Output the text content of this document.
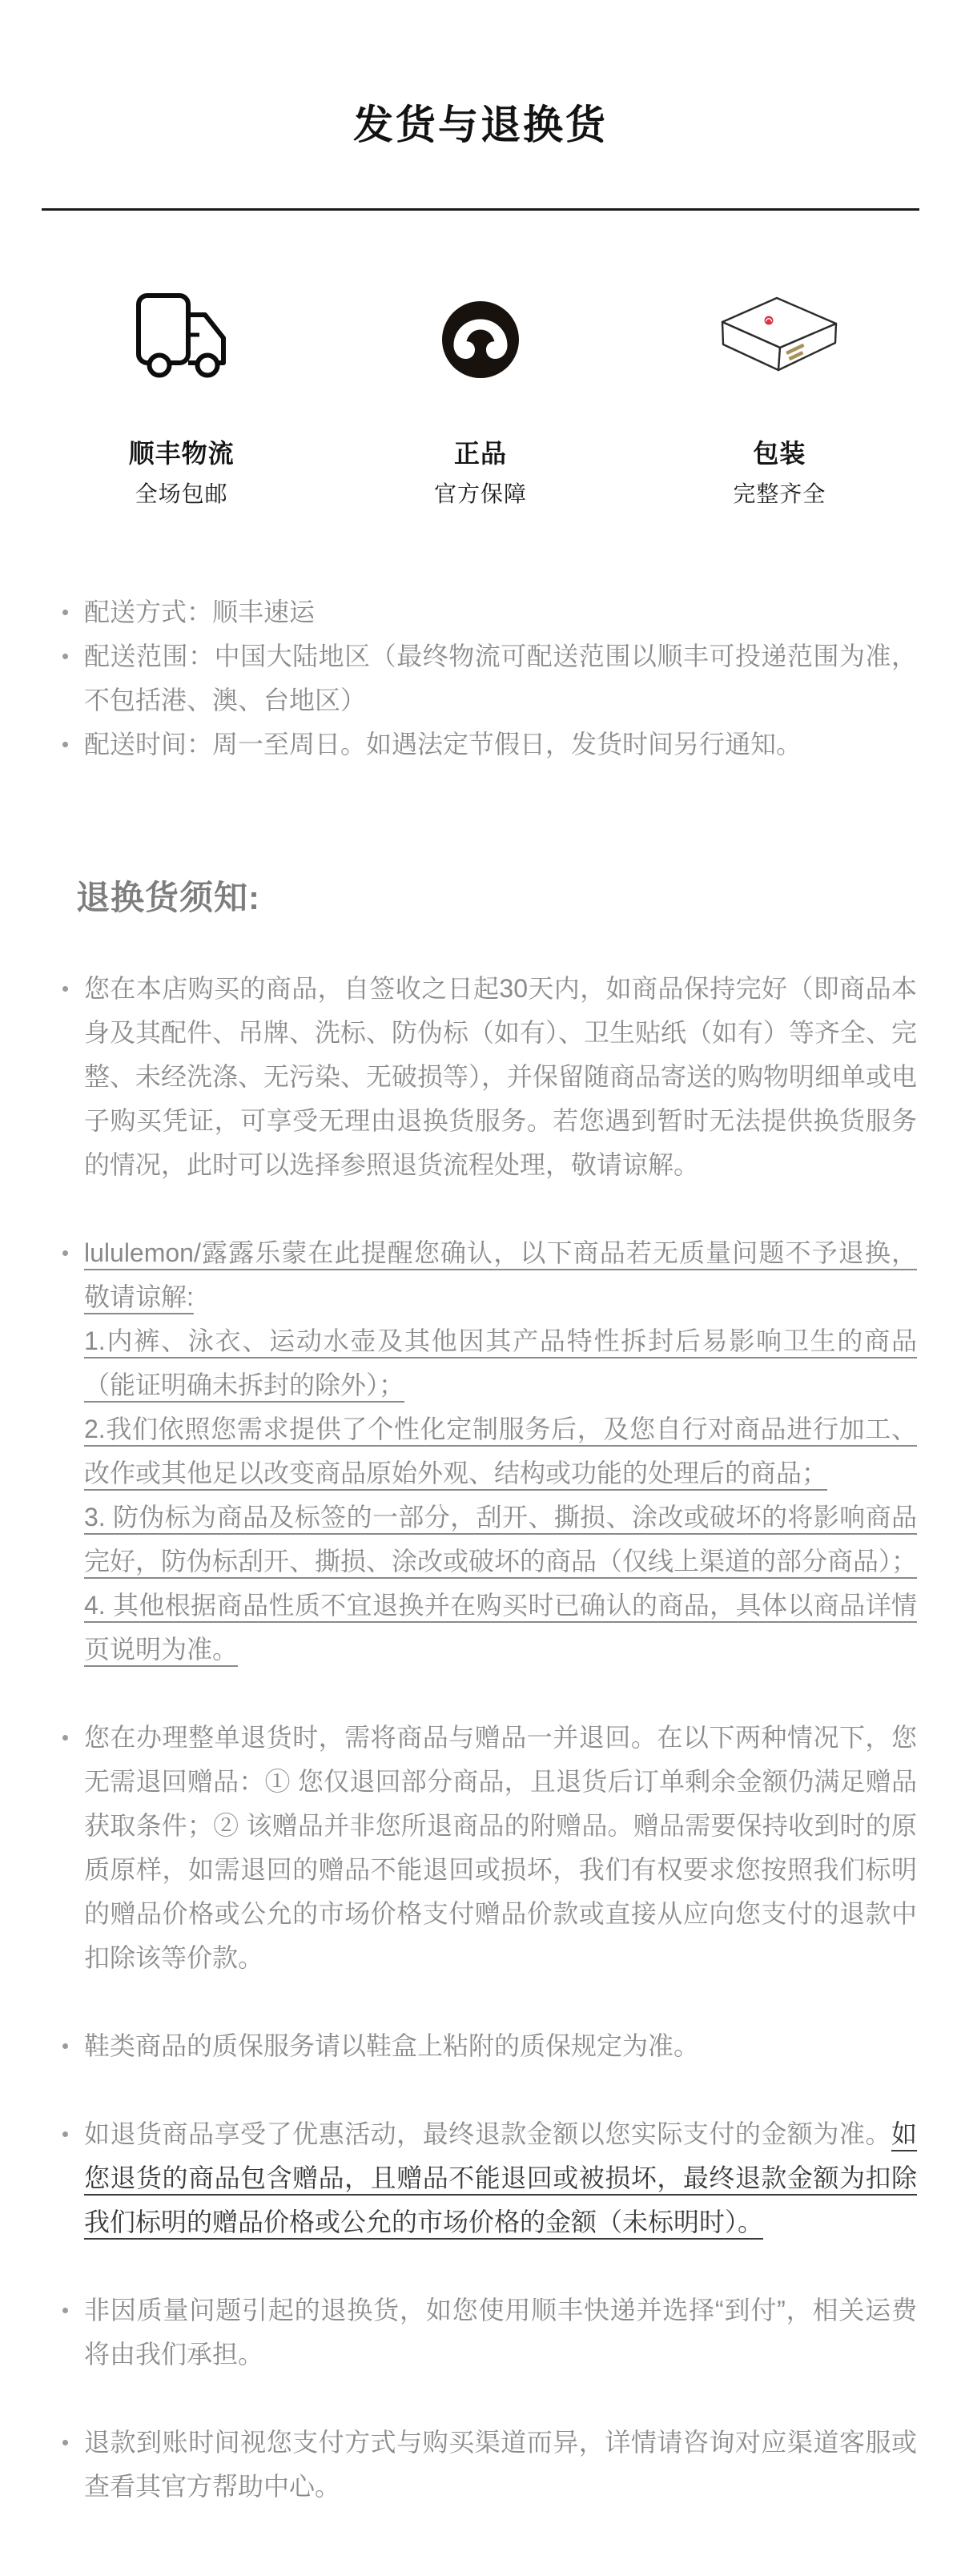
发货与退换货
顺丰物流
全场包邮
正品
官方保障
包装
完整齐全
配送方式：顺丰速运
配送范围：中国大陆地区（最终物流可配送范围以顺丰可投递范围为准，不包括港、澳、台地区）
配送时间：周一至周日。如遇法定节假日，发货时间另行通知。
退换货须知:
您在本店购买的商品，自签收之日起30天内，如商品保持完好（即商品本身及其配件、吊牌、洗标、防伪标（如有）、卫生贴纸（如有）等齐全、完整、未经洗涤、无污染、无破损等），并保留随商品寄送的购物明细单或电子购买凭证，可享受无理由退换货服务。若您遇到暂时无法提供换货服务的情况，此时可以选择参照退货流程处理，敬请谅解。
lululemon/露露乐蒙在此提醒您确认，以下商品若无质量问题不予退换，敬请谅解:
1.内裤、泳衣、运动水壶及其他因其产品特性拆封后易影响卫生的商品（能证明确未拆封的除外）；
2.我们依照您需求提供了个性化定制服务后，及您自行对商品进行加工、改作或其他足以改变商品原始外观、结构或功能的处理后的商品；
3. 防伪标为商品及标签的一部分，刮开、撕损、涂改或破坏的将影响商品完好，防伪标刮开、撕损、涂改或破坏的商品（仅线上渠道的部分商品）；
4. 其他根据商品性质不宜退换并在购买时已确认的商品，具体以商品详情页说明为准。
您在办理整单退货时，需将商品与赠品一并退回。在以下两种情况下，您无需退回赠品：① 您仅退回部分商品，且退货后订单剩余金额仍满足赠品获取条件；② 该赠品并非您所退商品的附赠品。赠品需要保持收到时的原质原样，如需退回的赠品不能退回或损坏，我们有权要求您按照我们标明的赠品价格或公允的市场价格支付赠品价款或直接从应向您支付的退款中扣除该等价款。
鞋类商品的质保服务请以鞋盒上粘附的质保规定为准。
如退货商品享受了优惠活动，最终退款金额以您实际支付的金额为准。如您退货的商品包含赠品，且赠品不能退回或被损坏，最终退款金额为扣除我们标明的赠品价格或公允的市场价格的金额（未标明时）。
非因质量问题引起的退换货，如您使用顺丰快递并选择“到付”，相关运费将由我们承担。
退款到账时间视您支付方式与购买渠道而异，详情请咨询对应渠道客服或查看其官方帮助中心。
